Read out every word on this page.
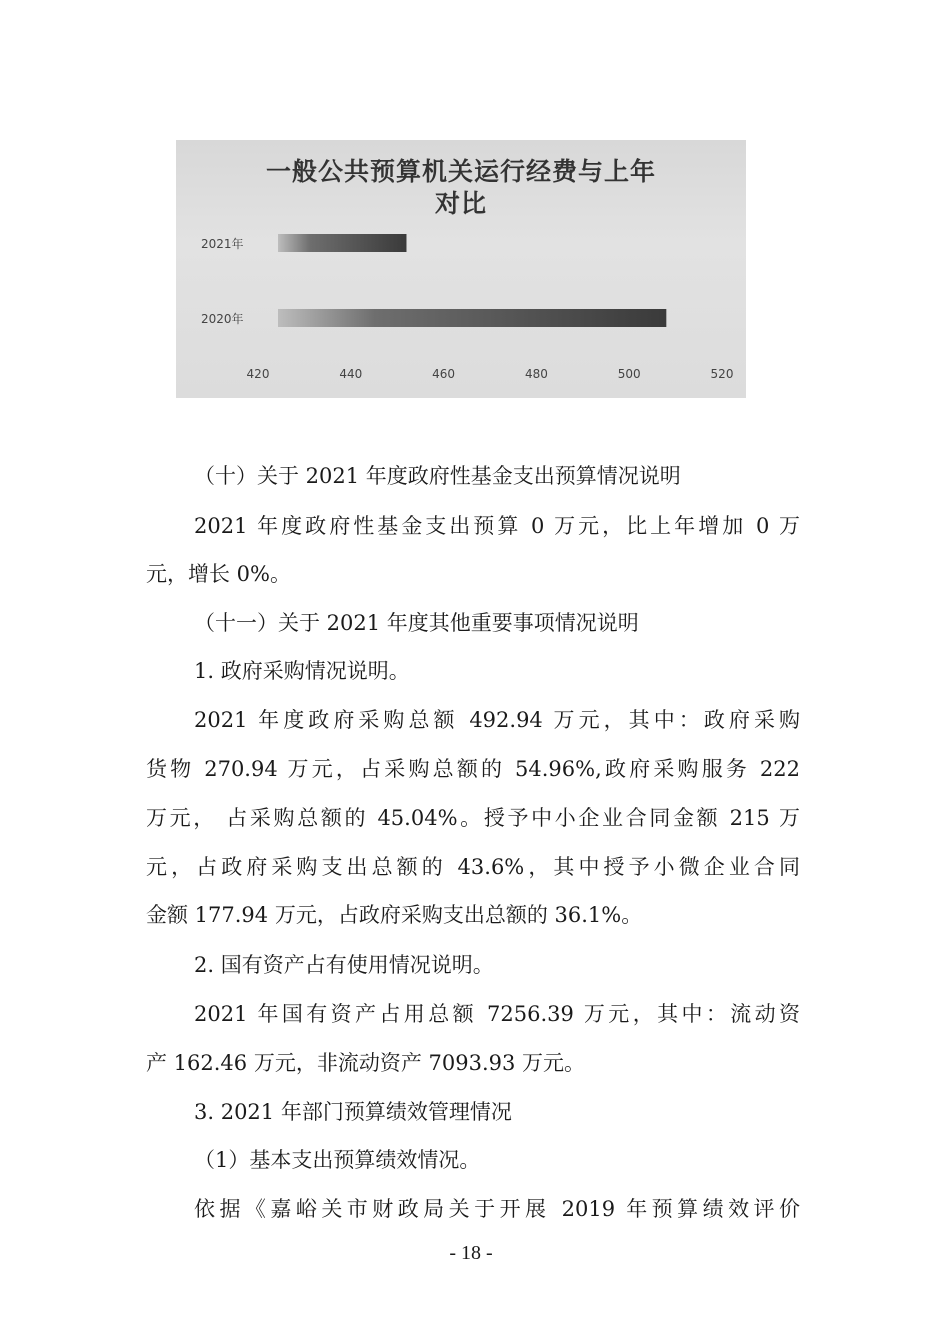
一般公共预算机关运行经费与上年
对比
2021年
2020年
420	440	460	480	500	520
（十）关于 2021 年度政府性基金支出预算情况说明
2021 年度政府性基金支出预算 0 万元，比上年增加 0 万
元，增长 0%。
（十一）关于 2021 年度其他重要事项情况说明
1. 政府采购情况说明。
2021 年度政府采购总额 492.94 万元，其中：政府采购
货物 270.94 万元，占采购总额的 54.96%,政府采购服务 222
万元， 占采购总额的 45.04%。授予中小企业合同金额 215 万
元，占政府采购支出总额的 43.6%，其中授予小微企业合同
金额 177.94 万元，占政府采购支出总额的 36.1%。
2. 国有资产占有使用情况说明。
2021 年国有资产占用总额 7256.39 万元，其中：流动资
产 162.46 万元，非流动资产 7093.93 万元。
3. 2021 年部门预算绩效管理情况
（1）基本支出预算绩效情况。
依据《嘉峪关市财政局关于开展 2019 年预算绩效评价
- 18 -
